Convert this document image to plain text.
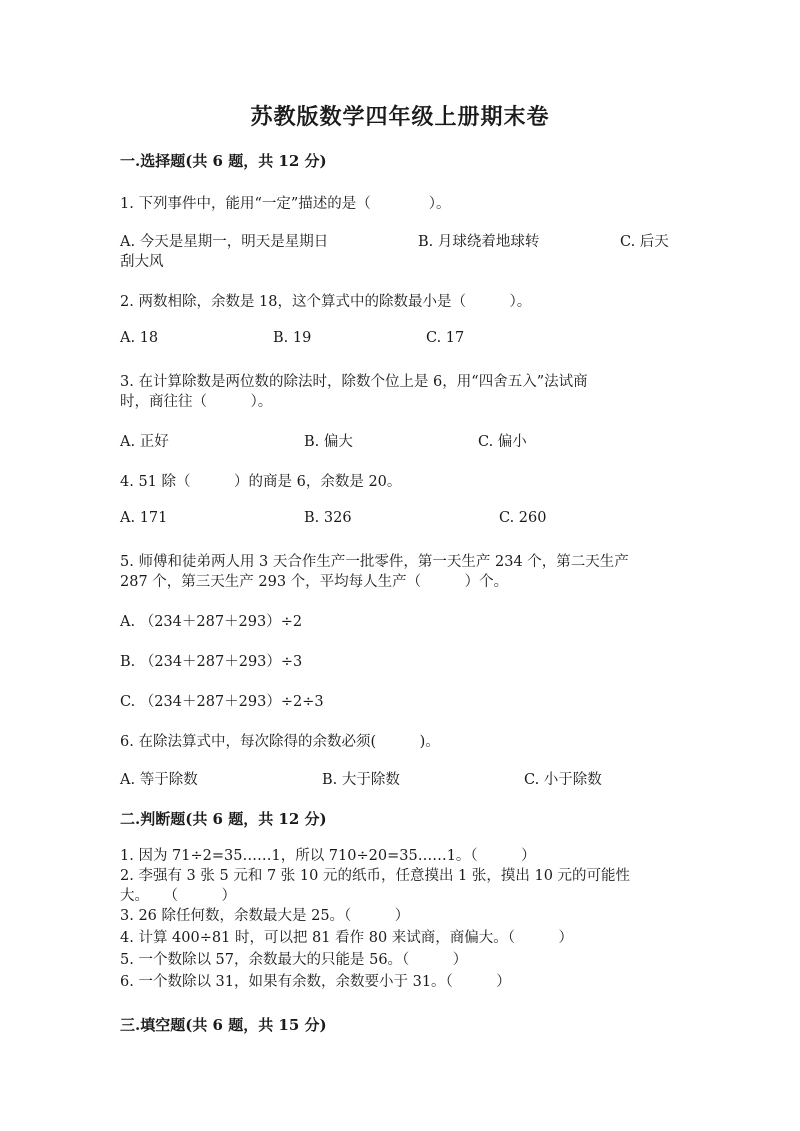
苏教版数学四年级上册期末卷
一.选择题(共 6 题，共 12 分)
1. 下列事件中，能用“一定”描述的是（　　　　）。
A. 今天是星期一，明天是星期日	B. 月球绕着地球转	C. 后天
刮大风
2. 两数相除，余数是 18，这个算式中的除数最小是（　　　）。
A. 18	B. 19	C. 17
3. 在计算除数是两位数的除法时，除数个位上是 6，用“四舍五入”法试商
时，商往往（　　　）。
A. 正好	B. 偏大	C. 偏小
4. 51 除（　　　）的商是 6，余数是 20。
A. 171	B. 326	C. 260
5. 师傅和徒弟两人用 3 天合作生产一批零件，第一天生产 234 个，第二天生产
287 个，第三天生产 293 个，平均每人生产（　　　）个。
A. （234＋287＋293）÷2
B. （234＋287＋293）÷3
C. （234＋287＋293）÷2÷3
6. 在除法算式中，每次除得的余数必须(　　　)。
A. 等于除数	B. 大于除数	C. 小于除数
二.判断题(共 6 题，共 12 分)
1. 因为 71÷2=35……1，所以 710÷20=35……1。（　　　）
2. 李强有 3 张 5 元和 7 张 10 元的纸币，任意摸出 1 张，摸出 10 元的可能性
大。　　（　　　）
3. 26 除任何数，余数最大是 25。（　　　）
4. 计算 400÷81 时，可以把 81 看作 80 来试商，商偏大。（　　　）
5. 一个数除以 57，余数最大的只能是 56。（　　　）
6. 一个数除以 31，如果有余数，余数要小于 31。（　　　）
三.填空题(共 6 题，共 15 分)
